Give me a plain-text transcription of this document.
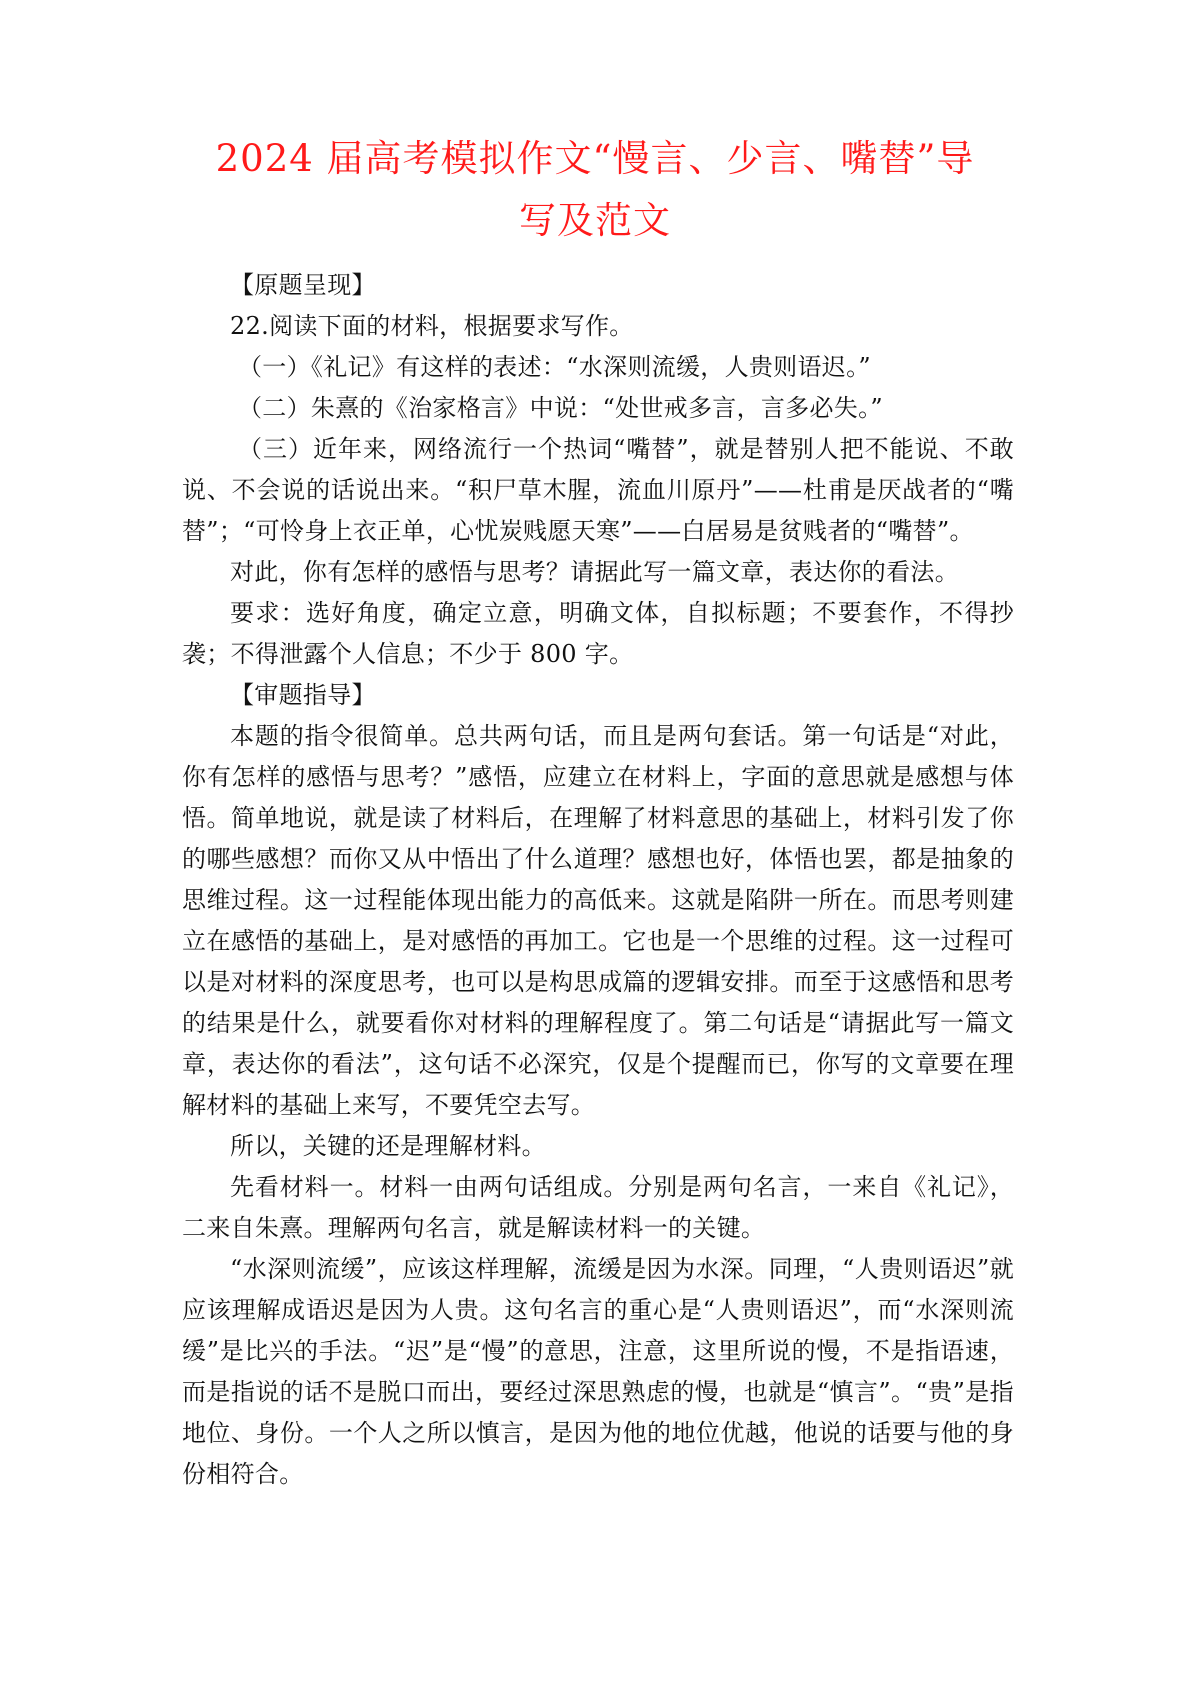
2024 届高考模拟作文“慢言、少言、嘴替”导
写及范文

【原题呈现】

22.阅读下面的材料，根据要求写作。

（一）《礼记》有这样的表述：“水深则流缓，人贵则语迟。”

（二）朱熹的《治家格言》中说：“处世戒多言，言多必失。”

（三）近年来，网络流行一个热词“嘴替”，就是替别人把不能说、不敢说、不会说的话说出来。“积尸草木腥，流血川原丹”——杜甫是厌战者的“嘴替”；“可怜身上衣正单，心忧炭贱愿天寒”——白居易是贫贱者的“嘴替”。

对此，你有怎样的感悟与思考？请据此写一篇文章，表达你的看法。

要求：选好角度，确定立意，明确文体，自拟标题；不要套作，不得抄袭；不得泄露个人信息；不少于 800 字。

【审题指导】

本题的指令很简单。总共两句话，而且是两句套话。第一句话是“对此，你有怎样的感悟与思考？”感悟，应建立在材料上，字面的意思就是感想与体悟。简单地说，就是读了材料后，在理解了材料意思的基础上，材料引发了你的哪些感想？而你又从中悟出了什么道理？感想也好，体悟也罢，都是抽象的思维过程。这一过程能体现出能力的高低来。这就是陷阱一所在。而思考则建立在感悟的基础上，是对感悟的再加工。它也是一个思维的过程。这一过程可以是对材料的深度思考，也可以是构思成篇的逻辑安排。而至于这感悟和思考的结果是什么，就要看你对材料的理解程度了。第二句话是“请据此写一篇文章，表达你的看法”，这句话不必深究，仅是个提醒而已，你写的文章要在理解材料的基础上来写，不要凭空去写。

所以，关键的还是理解材料。

先看材料一。材料一由两句话组成。分别是两句名言，一来自《礼记》，二来自朱熹。理解两句名言，就是解读材料一的关键。

“水深则流缓”，应该这样理解，流缓是因为水深。同理，“人贵则语迟”就应该理解成语迟是因为人贵。这句名言的重心是“人贵则语迟”，而“水深则流缓”是比兴的手法。“迟”是“慢”的意思，注意，这里所说的慢，不是指语速，而是指说的话不是脱口而出，要经过深思熟虑的慢，也就是“慎言”。“贵”是指地位、身份。一个人之所以慎言，是因为他的地位优越，他说的话要与他的身份相符合。
